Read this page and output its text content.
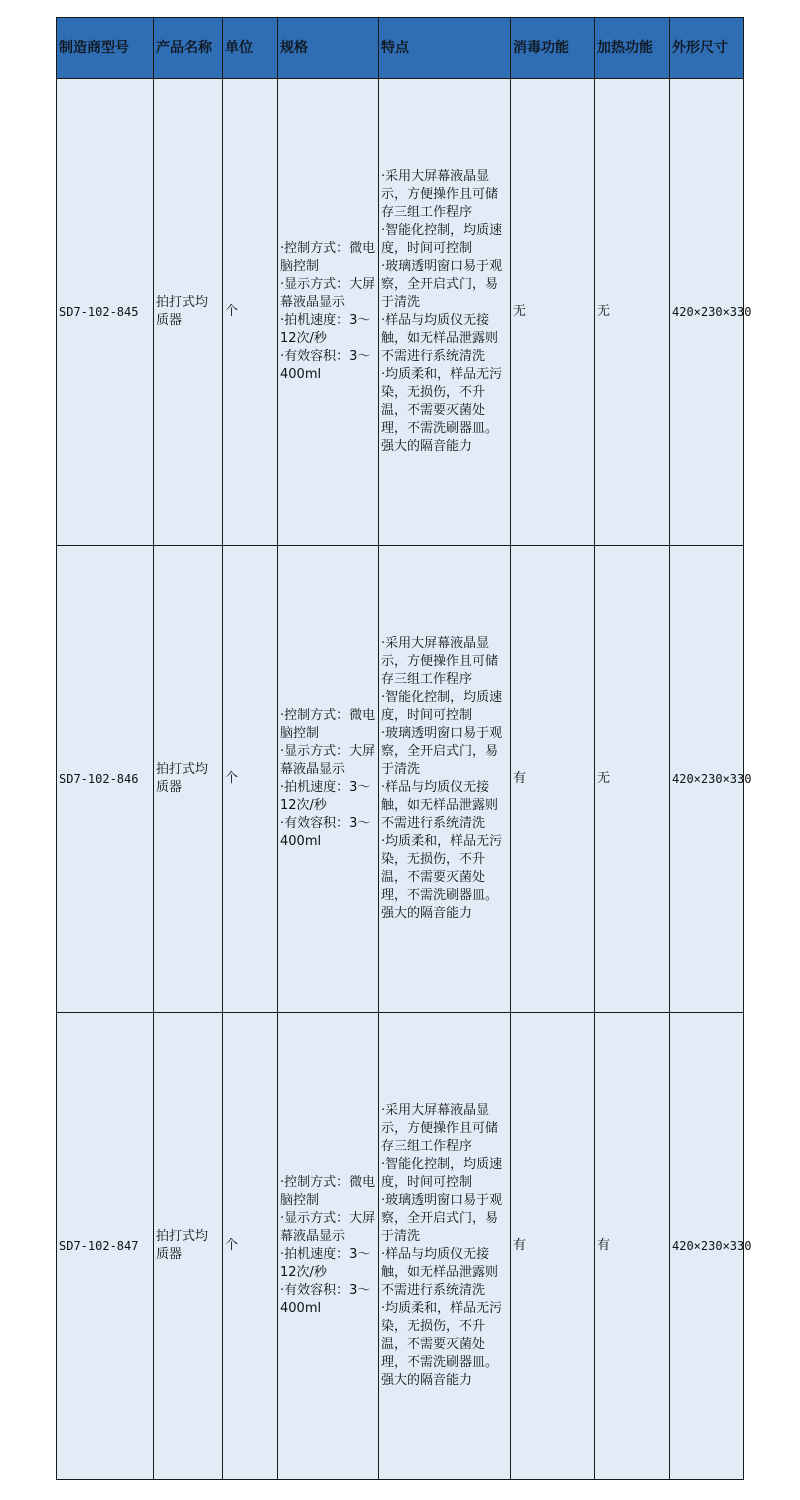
制造商型号	产品名称	单位	规格	特点	消毒功能	加热功能	外形尺寸
SD7-102-845	拍打式均质器	个	·控制方式：微电脑控制
·显示方式：大屏幕液晶显示
·拍机速度：3～12次/秒
·有效容积：3～400ml	·采用大屏幕液晶显示，方便操作且可储存三组工作程序
·智能化控制，均质速度，时间可控制
·玻璃透明窗口易于观察，全开启式门，易于清洗
·样品与均质仪无接触，如无样品泄露则不需进行系统清洗
·均质柔和，样品无污染，无损伤，不升温，不需要灭菌处理，不需洗刷器皿。强大的隔音能力	无	无	420×230×330
SD7-102-846	拍打式均质器	个	·控制方式：微电脑控制
·显示方式：大屏幕液晶显示
·拍机速度：3～12次/秒
·有效容积：3～400ml	·采用大屏幕液晶显示，方便操作且可储存三组工作程序
·智能化控制，均质速度，时间可控制
·玻璃透明窗口易于观察，全开启式门，易于清洗
·样品与均质仪无接触，如无样品泄露则不需进行系统清洗
·均质柔和，样品无污染，无损伤，不升温，不需要灭菌处理，不需洗刷器皿。强大的隔音能力	有	无	420×230×330
SD7-102-847	拍打式均质器	个	·控制方式：微电脑控制
·显示方式：大屏幕液晶显示
·拍机速度：3～12次/秒
·有效容积：3～400ml	·采用大屏幕液晶显示，方便操作且可储存三组工作程序
·智能化控制，均质速度，时间可控制
·玻璃透明窗口易于观察，全开启式门，易于清洗
·样品与均质仪无接触，如无样品泄露则不需进行系统清洗
·均质柔和，样品无污染，无损伤，不升温，不需要灭菌处理，不需洗刷器皿。强大的隔音能力	有	有	420×230×330
